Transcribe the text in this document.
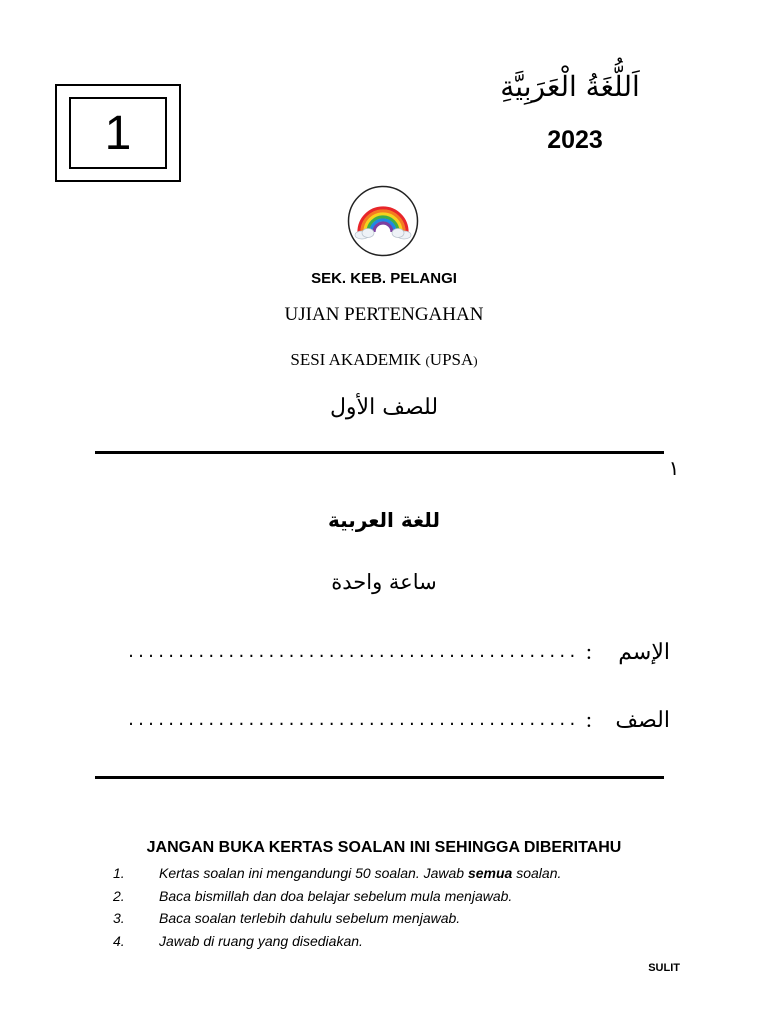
1
اَللُّغَةُ الْعَرَبِيَّةِ
2023
SEK. KEB. PELANGI
UJIAN PERTENGAHAN
SESI AKADEMIK (UPSA)
للصف الأول
١
للغة العربية
ساعة واحدة
............................................. :	الإسم
............................................. :	الصف
JANGAN BUKA KERTAS SOALAN INI SEHINGGA DIBERITAHU
1.	Kertas soalan ini mengandungi 50 soalan. Jawab semua soalan.
2.	Baca bismillah dan doa belajar sebelum mula menjawab.
3.	Baca soalan terlebih dahulu sebelum menjawab.
4.	Jawab di ruang yang disediakan.
SULIT
